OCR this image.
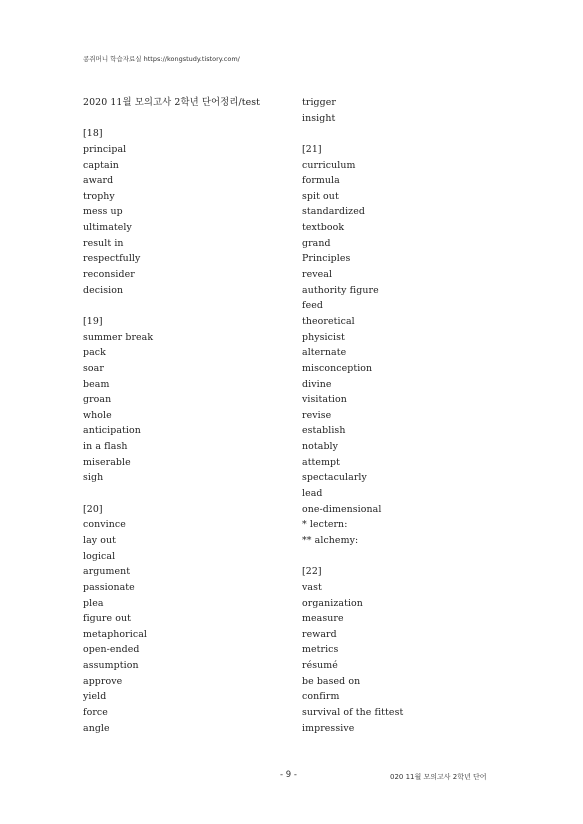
콩쥐머니 학습자료실 https://kongstudy.tistory.com/
2020 11월 모의고사 2학년 단어정리/test
[18]
principal
captain
award
trophy
mess up
ultimately
result in
respectfully
reconsider
decision
[19]
summer break
pack
soar
beam
groan
whole
anticipation
in a flash
miserable
sigh
[20]
convince
lay out
logical
argument
passionate
plea
figure out
metaphorical
open-ended
assumption
approve
yield
force
angle
trigger
insight
[21]
curriculum
formula
spit out
standardized
textbook
grand
Principles
reveal
authority figure
feed
theoretical
physicist
alternate
misconception
divine
visitation
revise
establish
notably
attempt
spectacularly
lead
one-dimensional
* lectern:
** alchemy:
[22]
vast
organization
measure
reward
metrics
résumé
be based on
confirm
survival of the fittest
impressive
- 9 -	020 11월 모의고사 2학년 단어
